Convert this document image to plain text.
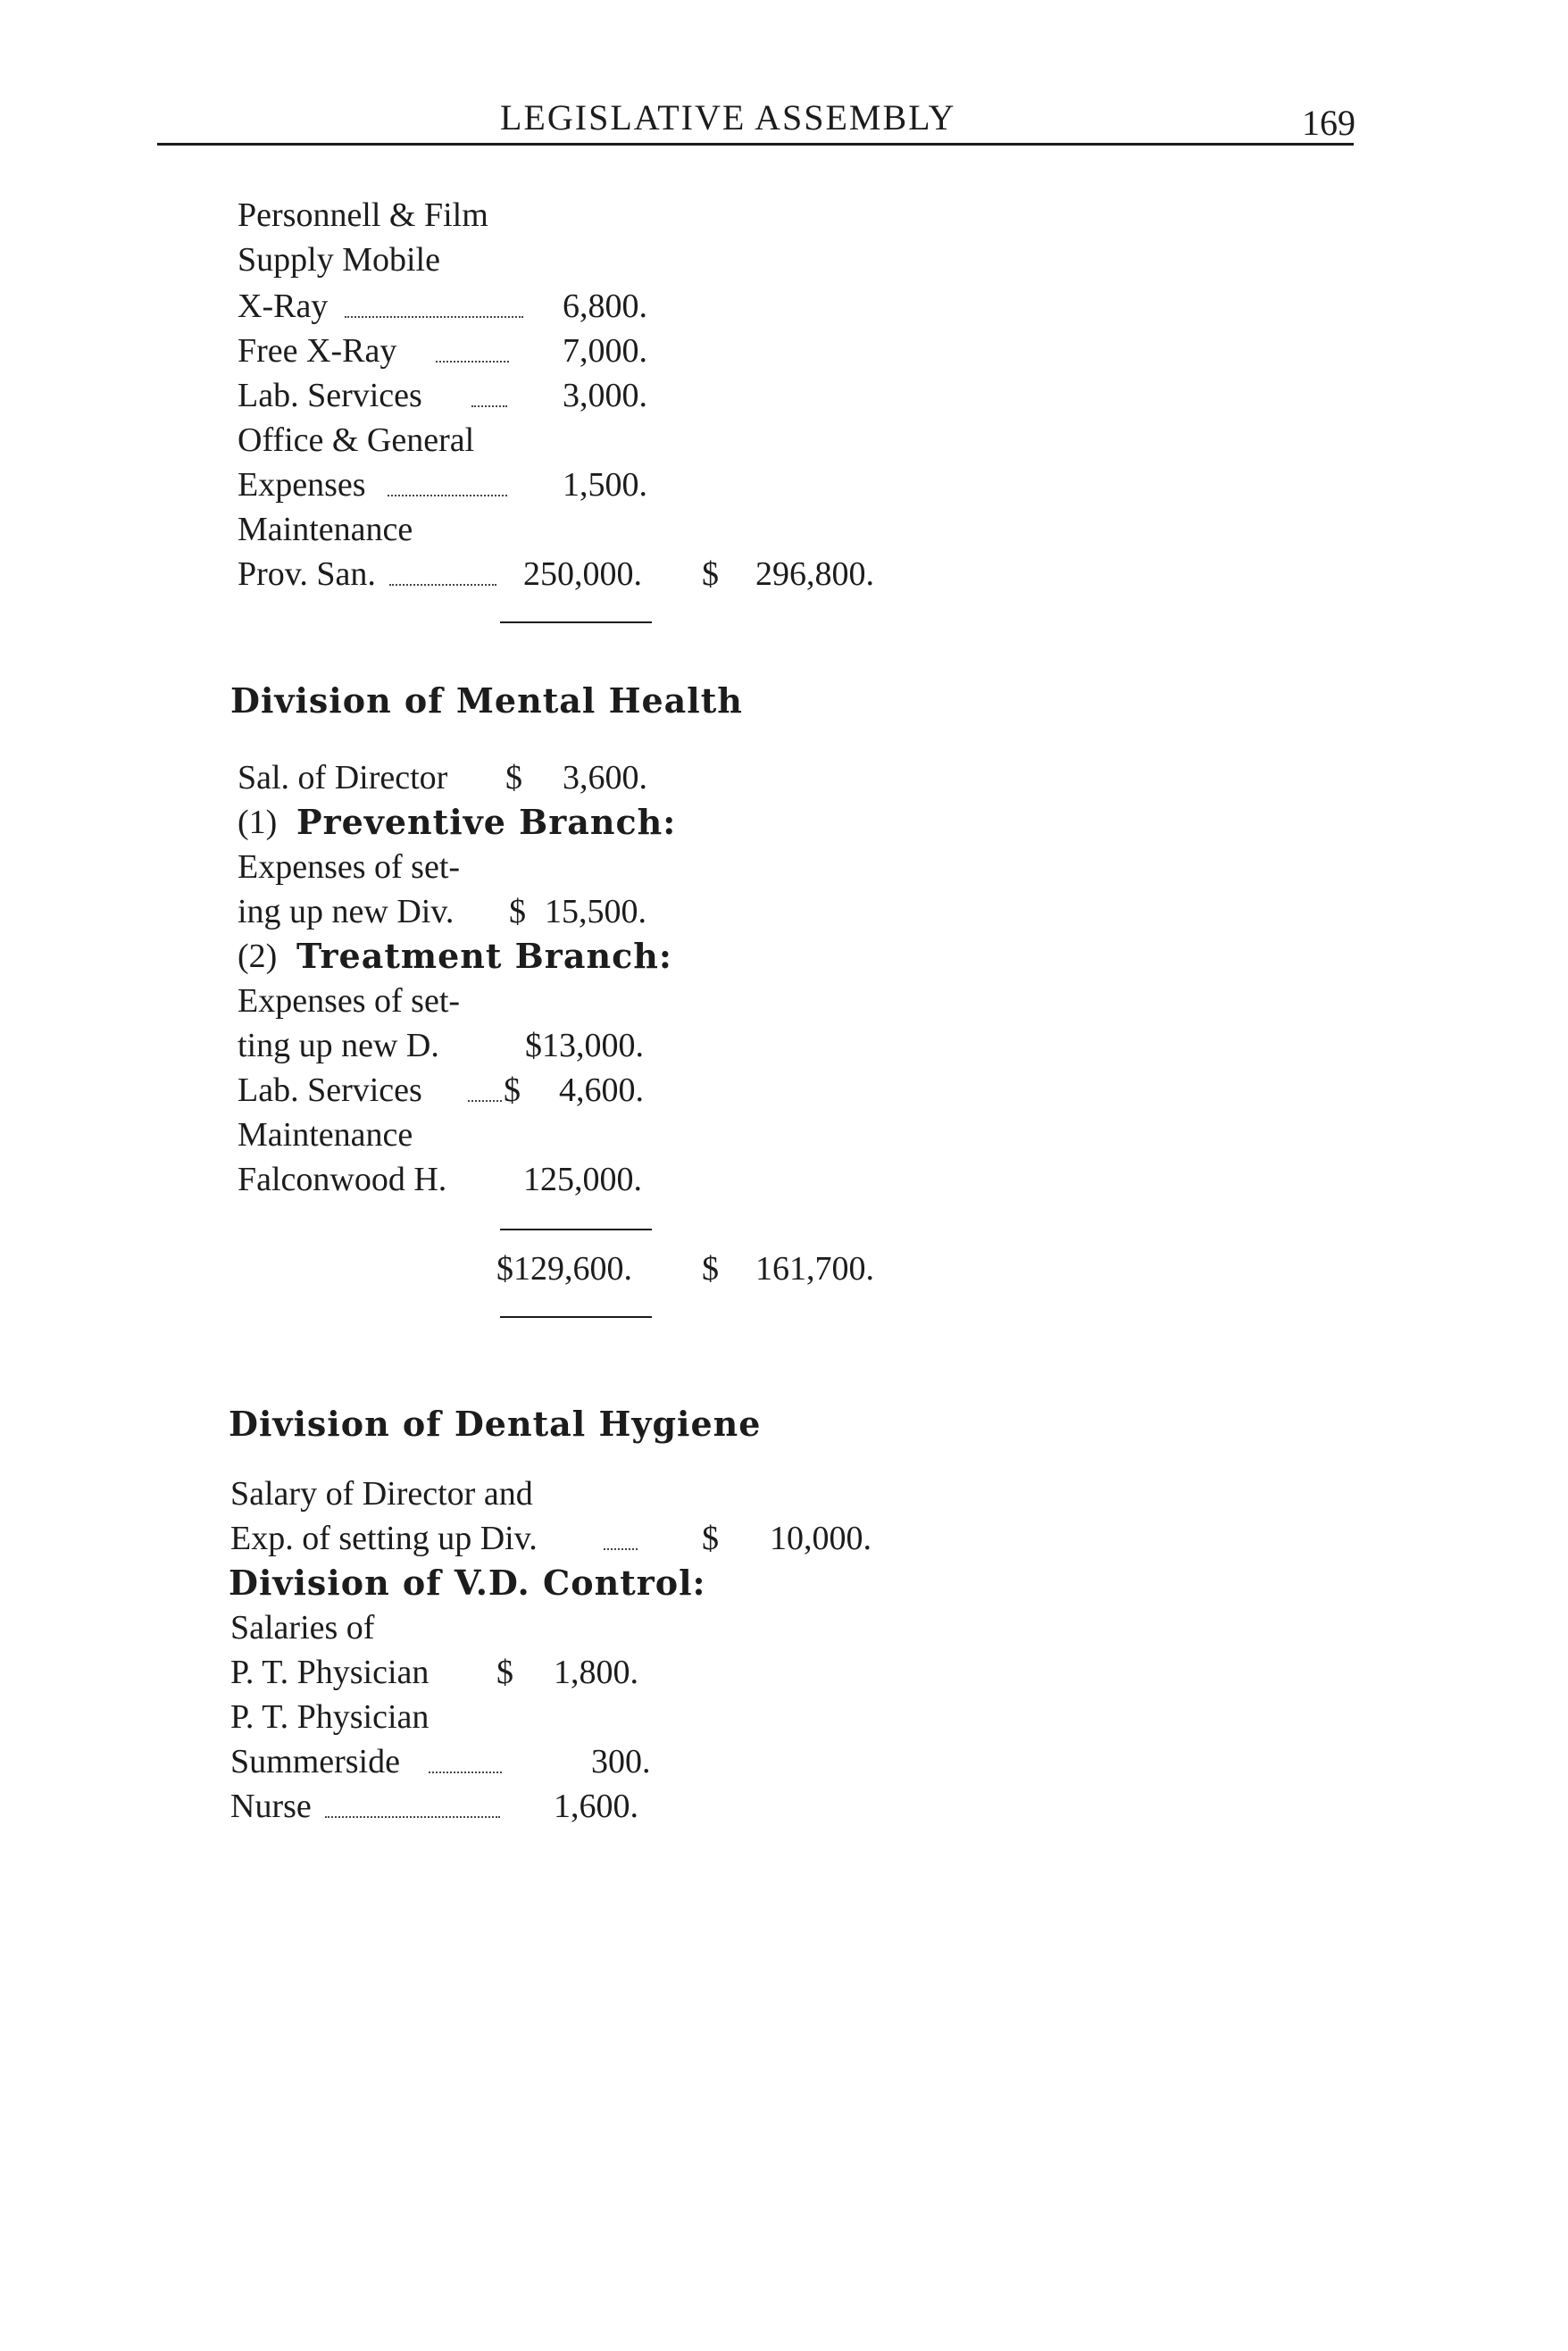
LEGISLATIVE ASSEMBLY	169
Personnell & Film
Supply Mobile
X-Ray	6,800.
Free X-Ray	7,000.
Lab. Services	3,000.
Office & General
Expenses	1,500.
Maintenance
Prov. San.	250,000. $ 296,800.
Division of Mental Health
Sal. of Director $ 3,600.
(1) Preventive Branch:
Expenses of set-
ing up new Div. $ 15,500.
(2) Treatment Branch:
Expenses of set-
ting up new D.	$13,000.
Lab. Services $ 4,600.
Maintenance
Falconwood H. 125,000.
$129,600. $ 161,700.
Division of Dental Hygiene
Salary of Director and
Exp. of setting up Div.	$ 10,000.
Division of V.D. Control:
Salaries of
P. T. Physician $ 1,800.
P. T. Physician
Summerside	300.
Nurse	1,600.
